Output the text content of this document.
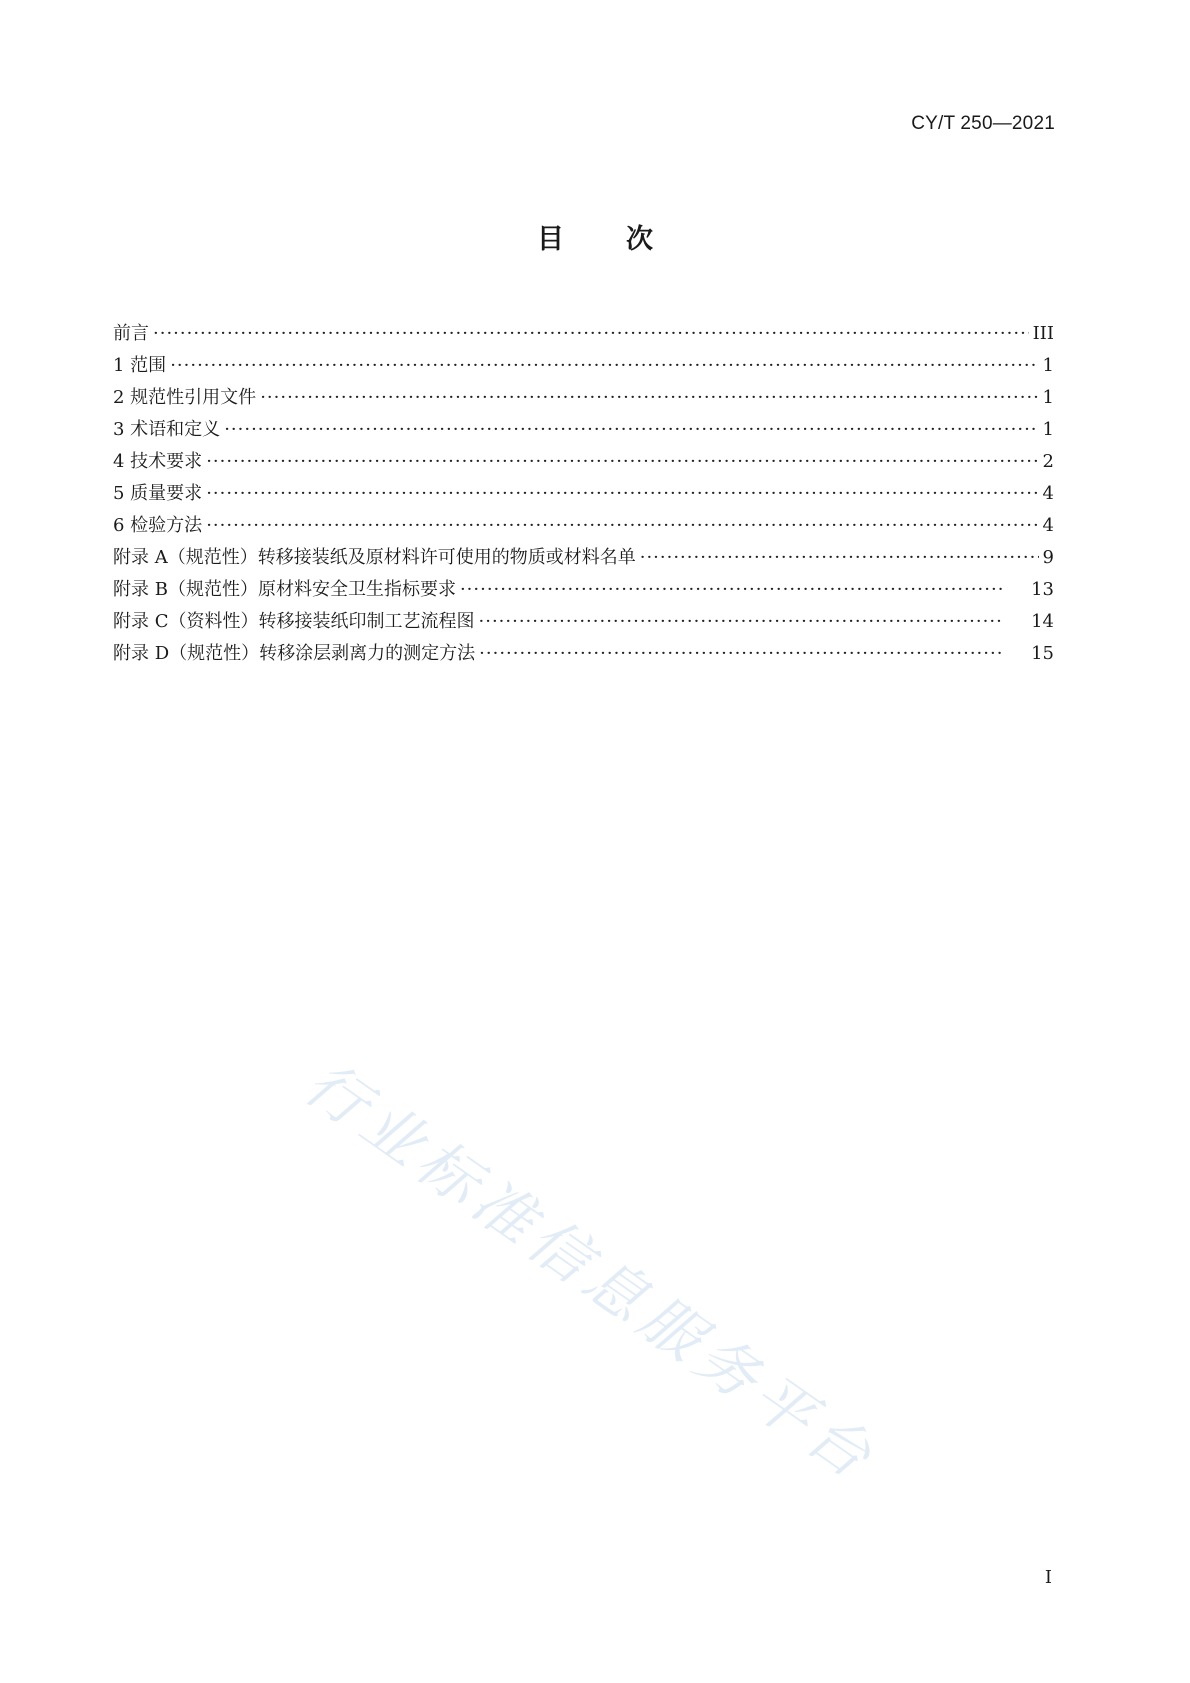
CY/T 250—2021
目 次
前言 ·····	III
1 范围 ·····	1
2 规范性引用文件 ·····	1
3 术语和定义 ·····	1
4 技术要求 ·····	2
5 质量要求 ·····	4
6 检验方法 ·····	4
附录 A（规范性）转移接装纸及原材料许可使用的物质或材料名单 ·····	9
附录 B（规范性）原材料安全卫生指标要求 ·····	13
附录 C（资料性）转移接装纸印制工艺流程图 ·····	14
附录 D（规范性）转移涂层剥离力的测定方法 ·····	15
行业标准信息服务平台
I
